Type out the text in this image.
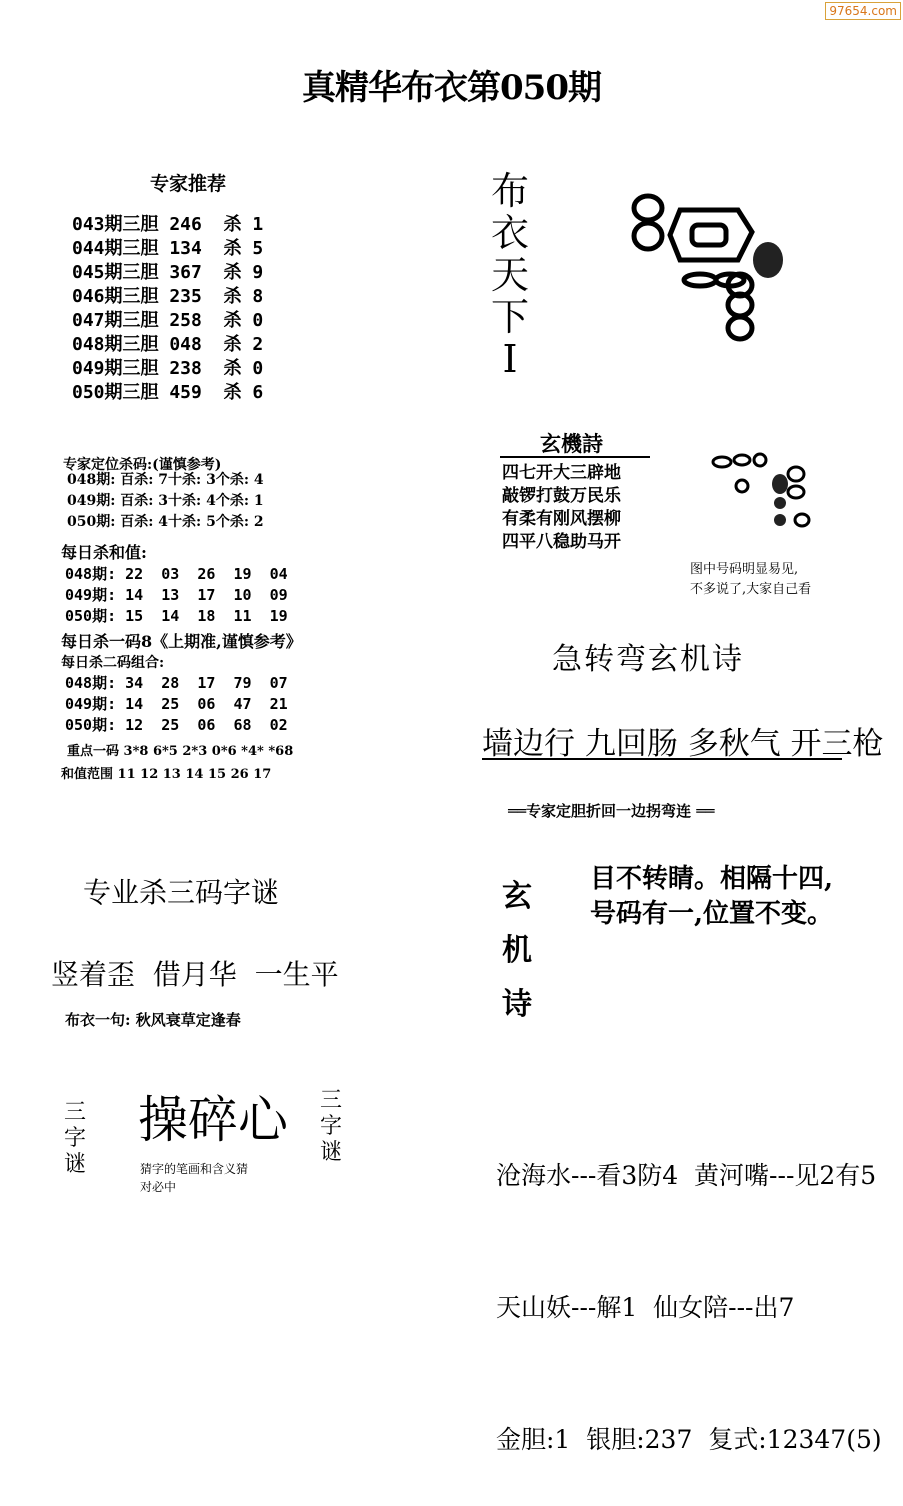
97654.com
真精华布衣第050期
专家推荐
043期三胆 246  杀 1
044期三胆 134  杀 5
045期三胆 367  杀 9
046期三胆 235  杀 8
047期三胆 258  杀 0
048期三胆 048  杀 2
049期三胆 238  杀 0
050期三胆 459  杀 6
专家定位杀码:(谨慎参考)
048期: 百杀: 7十杀: 3个杀: 4
049期: 百杀: 3十杀: 4个杀: 1
050期: 百杀: 4十杀: 5个杀: 2
每日杀和值:
048期: 22  03  26  19  04
049期: 14  13  17  10  09
050期: 15  14  18  11  19
每日杀一码8《上期准,谨慎参考》
每日杀二码组合:
048期: 34  28  17  79  07
049期: 14  25  06  47  21
050期: 12  25  06  68  02
重点一码 3*8 6*5 2*3 0*6 *4* *68
和值范围 11 12 13 14 15 26 17
专业杀三码字谜
竖着歪  借月华  一生平
布衣一句: 秋风衰草定逢春
三字谜
操碎心 三字谜
猜字的笔画和含义猜
对必中
布
衣
天
下
I
玄機詩
四七开大三辟地
敲锣打鼓万民乐
有柔有刚风摆柳
四平八稳助马开
图中号码明显易见,
不多说了,大家自己看
急转弯玄机诗
墙边行 九回肠 多秋气 开三枪
══专家定胆折回一边拐弯连 ══
玄
机
诗
目不转睛。相隔十四,
号码有一,位置不变。

沧海水---看3防4  黄河嘴---见2有5

天山妖---解1  仙女陪---出7

金胆:1  银胆:237  复式:12347(5)
